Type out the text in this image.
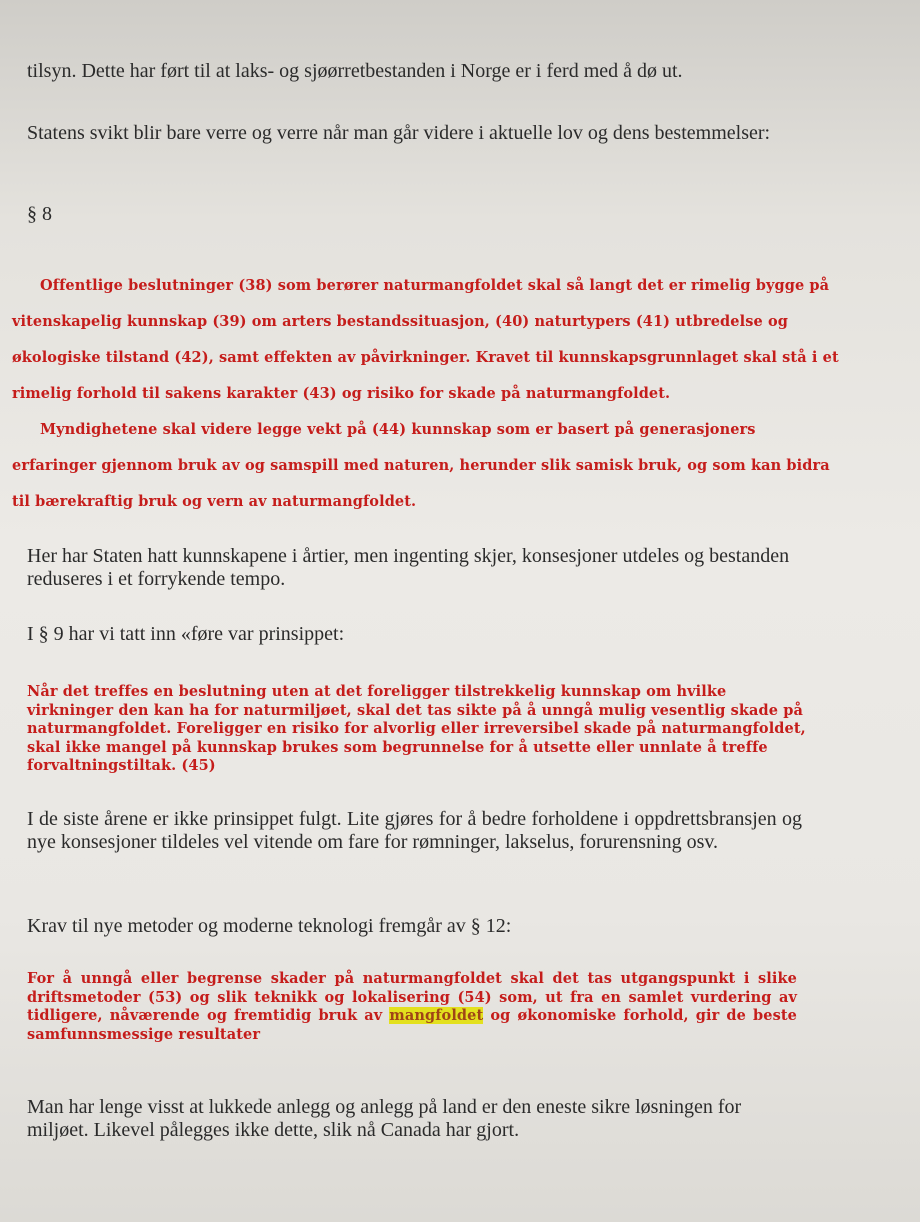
tilsyn. Dette har ført til at laks- og sjøørretbestanden i Norge er i ferd med å dø ut.

Statens svikt blir bare verre og verre når man går videre i aktuelle lov og dens bestemmelser:

§ 8

Offentlige beslutninger (38) som berører naturmangfoldet skal så langt det er rimelig bygge på vitenskapelig kunnskap (39) om arters bestandssituasjon, (40) naturtypers (41) utbredelse og økologiske tilstand (42), samt effekten av påvirkninger. Kravet til kunnskapsgrunnlaget skal stå i et rimelig forhold til sakens karakter (43) og risiko for skade på naturmangfoldet.
Myndighetene skal videre legge vekt på (44) kunnskap som er basert på generasjoners erfaringer gjennom bruk av og samspill med naturen, herunder slik samisk bruk, og som kan bidra til bærekraftig bruk og vern av naturmangfoldet.

Her har Staten hatt kunnskapene i årtier, men ingenting skjer, konsesjoner utdeles og bestanden reduseres i et forrykende tempo.

I § 9 har vi tatt inn «føre var prinsippet:

Når det treffes en beslutning uten at det foreligger tilstrekkelig kunnskap om hvilke virkninger den kan ha for naturmiljøet, skal det tas sikte på å unngå mulig vesentlig skade på naturmangfoldet. Foreligger en risiko for alvorlig eller irreversibel skade på naturmangfoldet, skal ikke mangel på kunnskap brukes som begrunnelse for å utsette eller unnlate å treffe forvaltningstiltak. (45)

I de siste årene er ikke prinsippet fulgt. Lite gjøres for å bedre forholdene i oppdrettsbransjen og nye konsesjoner tildeles vel vitende om fare for rømninger, lakselus, forurensning osv.

Krav til nye metoder og moderne teknologi fremgår av § 12:

For å unngå eller begrense skader på naturmangfoldet skal det tas utgangspunkt i slike driftsmetoder (53) og slik teknikk og lokalisering (54) som, ut fra en samlet vurdering av tidligere, nåværende og fremtidig bruk av mangfoldet og økonomiske forhold, gir de beste samfunnsmessige resultater

Man har lenge visst at lukkede anlegg og anlegg på land er den eneste sikre løsningen for miljøet. Likevel pålegges ikke dette, slik nå Canada har gjort.
